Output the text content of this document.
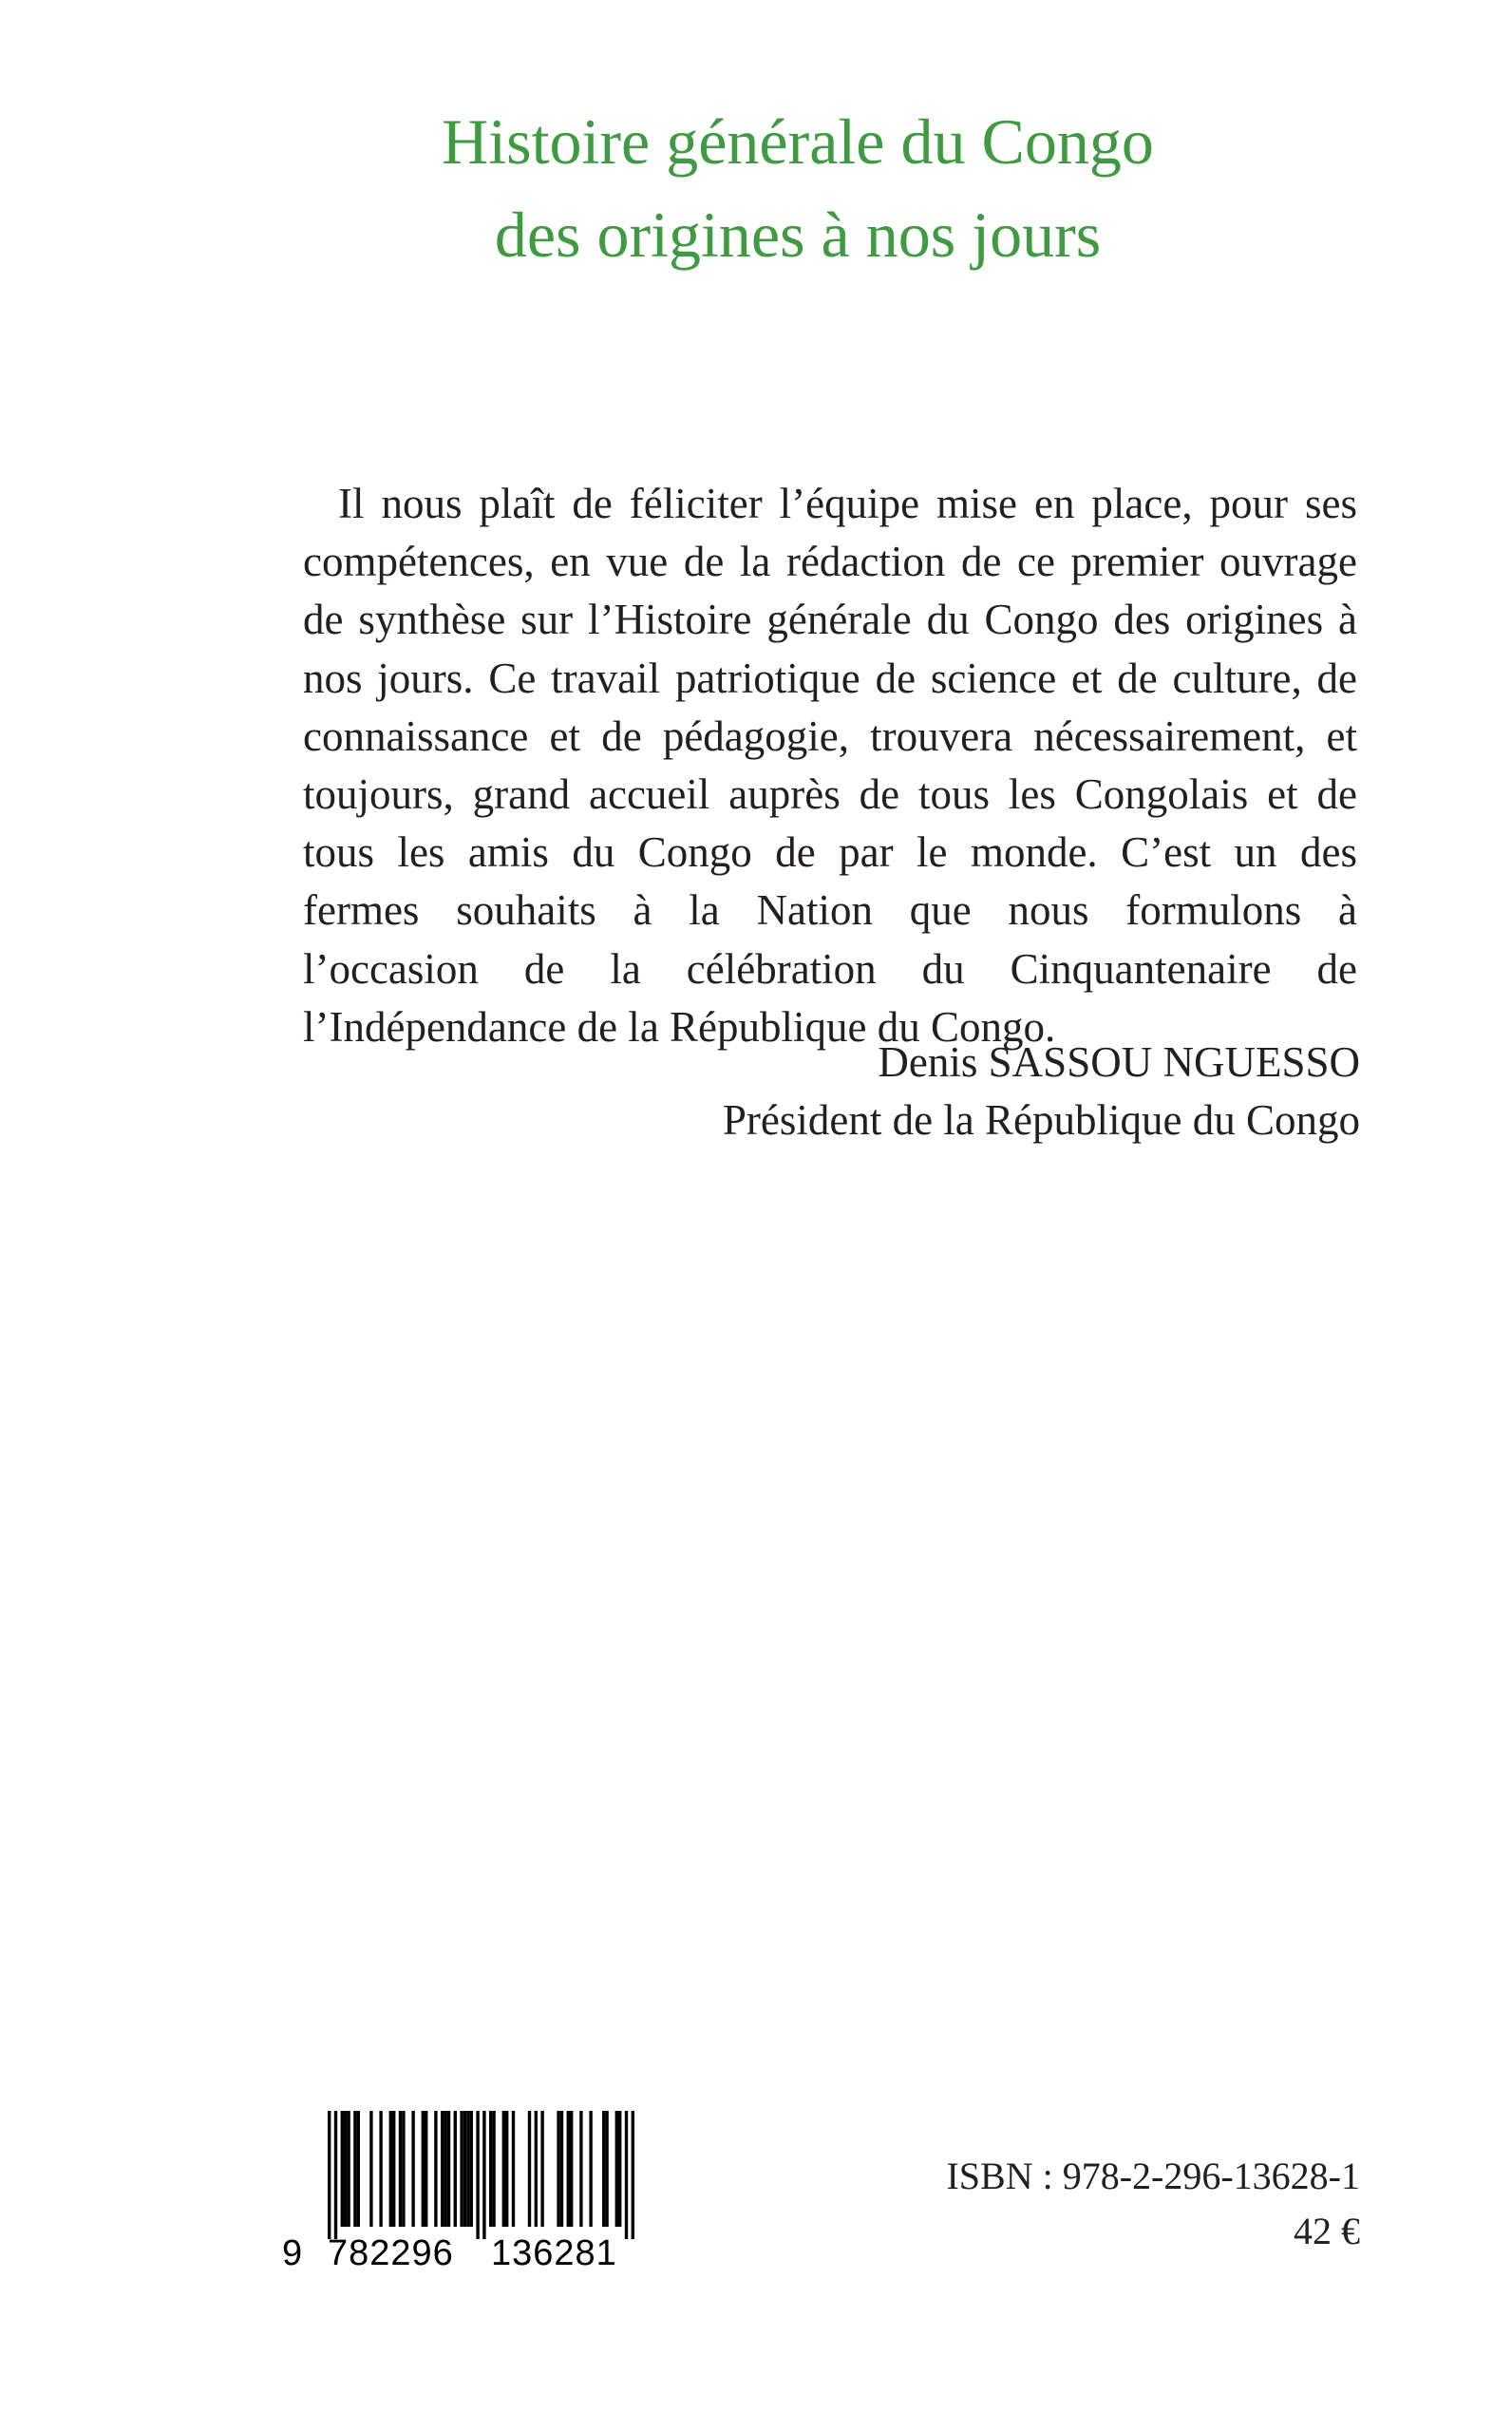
Histoire générale du Congo
des origines à nos jours
Il nous plaît de féliciter l’équipe mise en place, pour ses
compétences, en vue de la rédaction de ce premier ouvrage
de synthèse sur l’Histoire générale du Congo des origines à
nos jours. Ce travail patriotique de science et de culture, de
connaissance et de pédagogie, trouvera nécessairement, et
toujours, grand accueil auprès de tous les Congolais et de
tous les amis du Congo de par le monde. C’est un des
fermes souhaits à la Nation que nous formulons à
l’occasion de la célébration du Cinquantenaire de
l’Indépendance de la République du Congo.
Denis SASSOU NGUESSO
Président de la République du Congo
9 782296 136281
ISBN : 978-2-296-13628-1
42 €
